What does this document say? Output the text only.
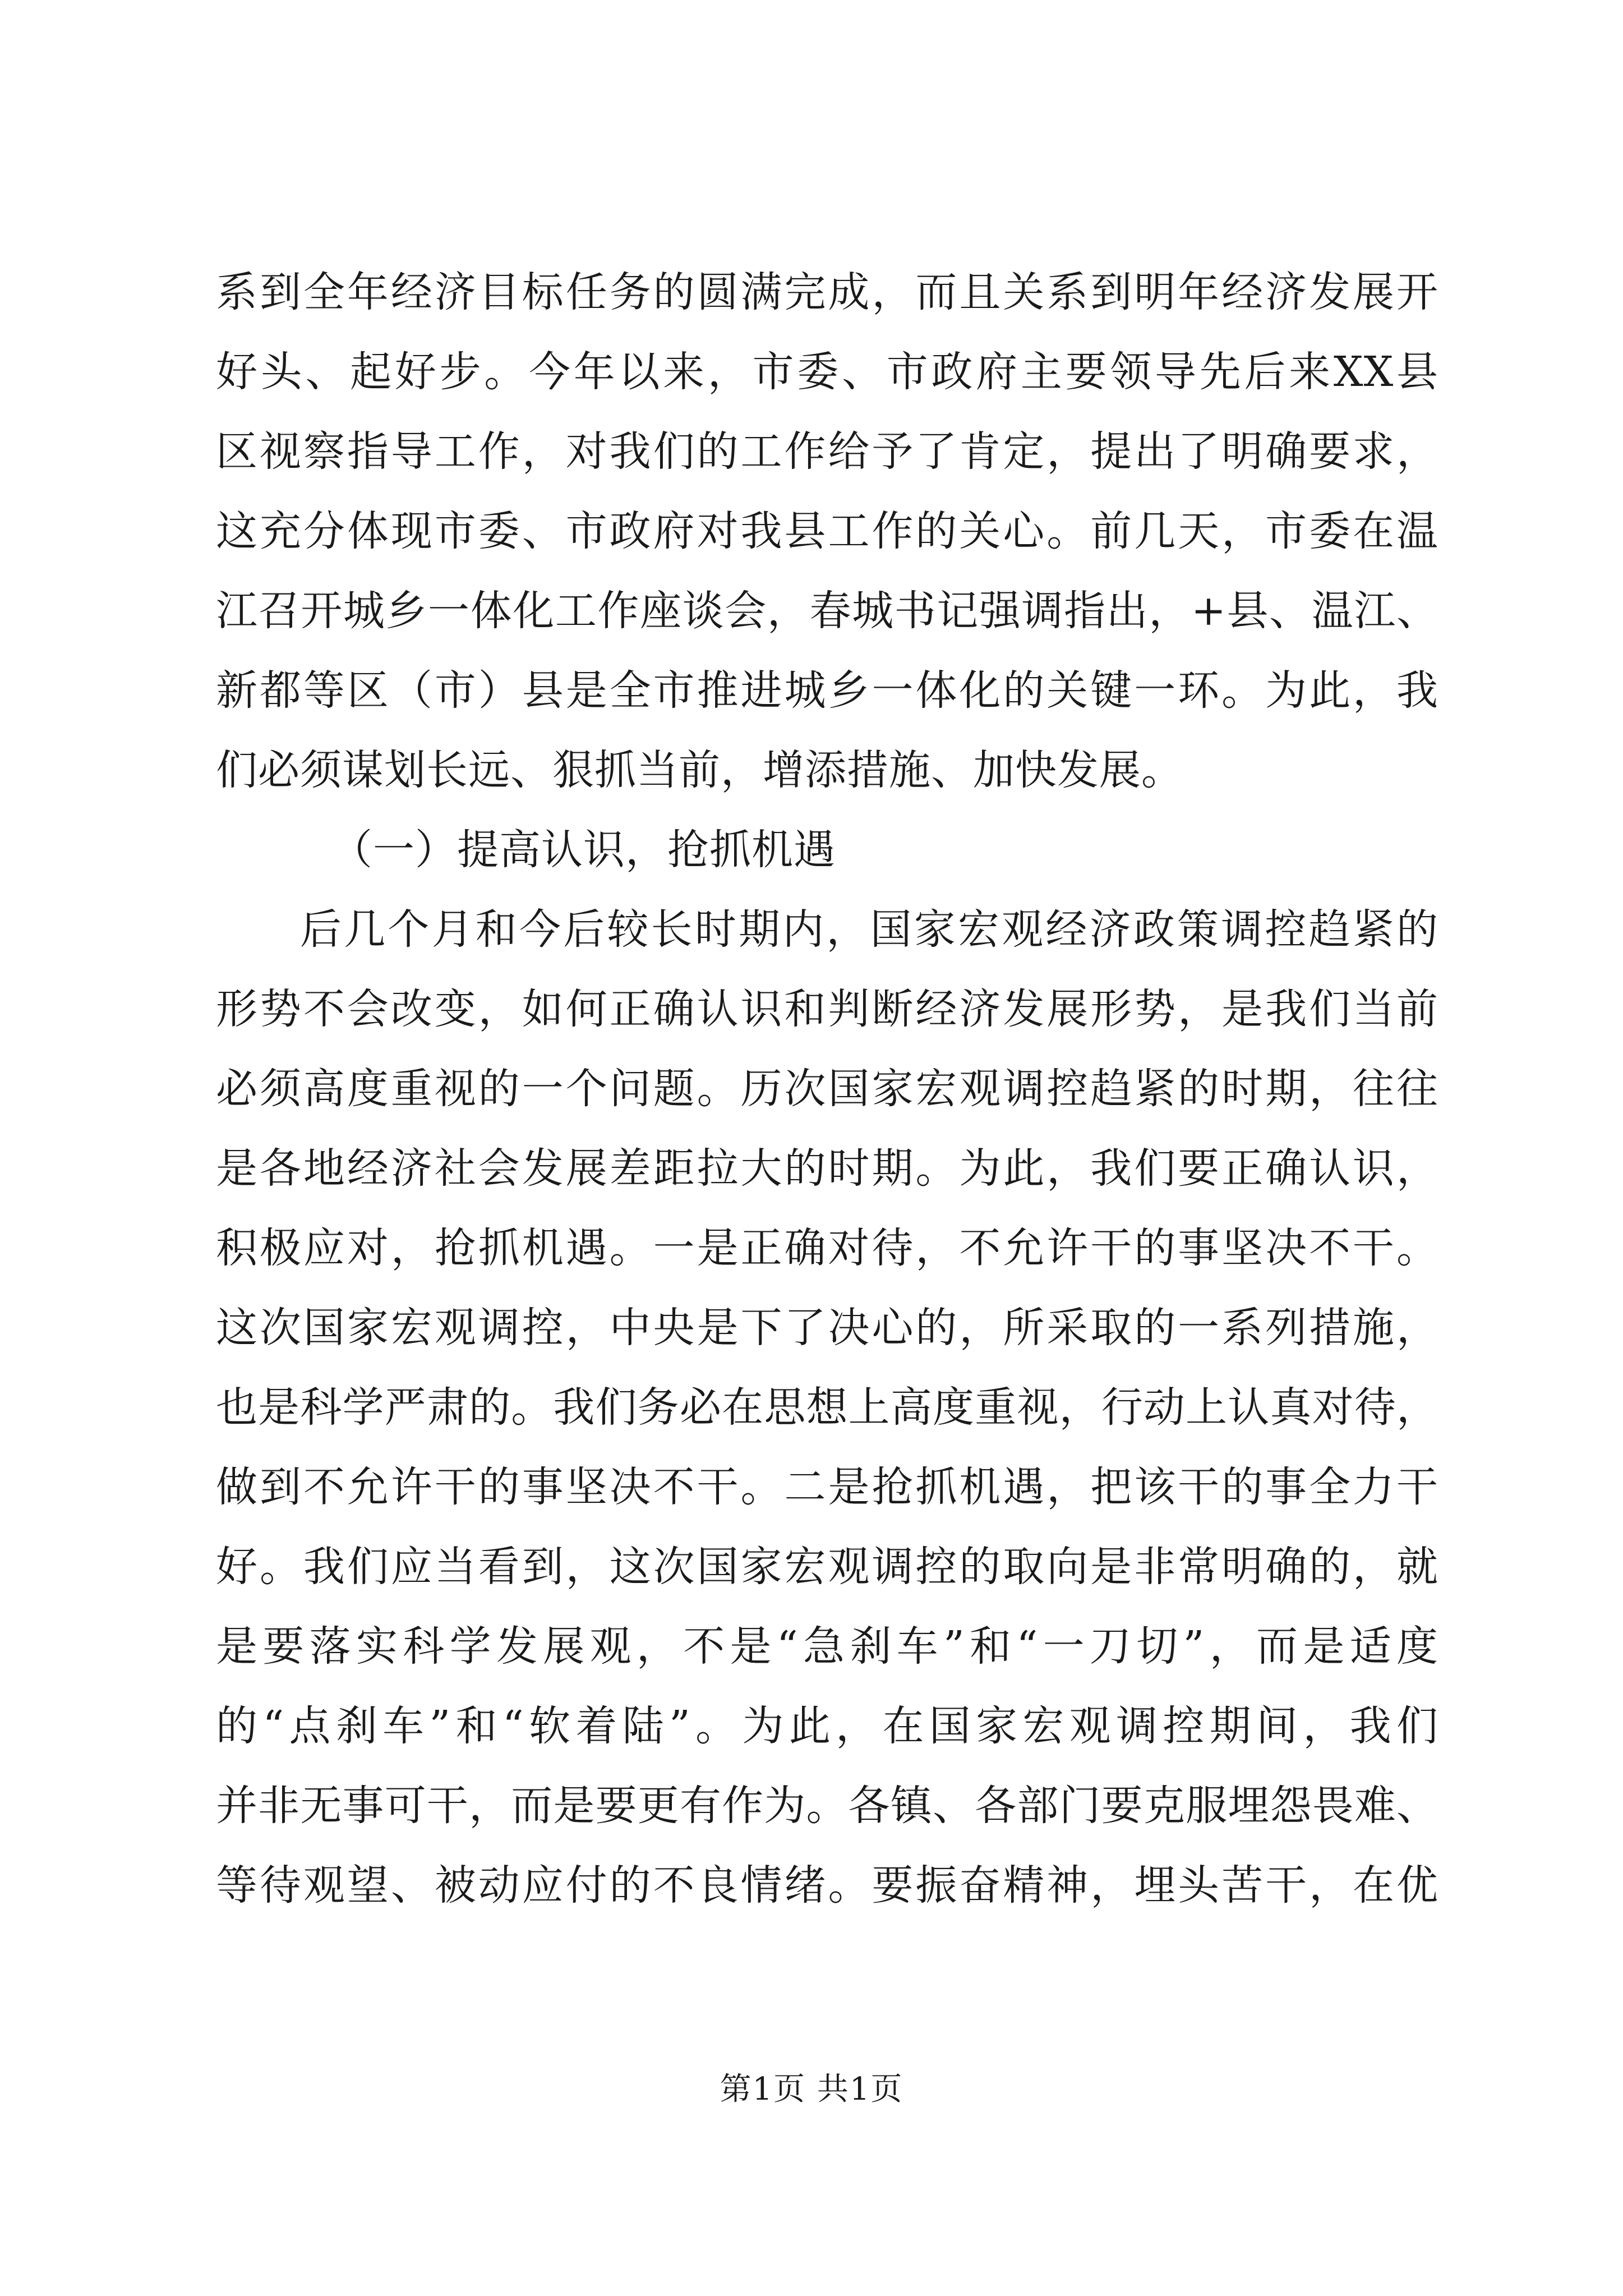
系到全年经济目标任务的圆满完成，而且关系到明年经济发展开
好头、起好步。今年以来，市委、市政府主要领导先后来XX县
区视察指导工作，对我们的工作给予了肯定，提出了明确要求，
这充分体现市委、市政府对我县工作的关心。前几天，市委在温
江召开城乡一体化工作座谈会，春城书记强调指出，+县、温江、
新都等区（市）县是全市推进城乡一体化的关键一环。为此，我
们必须谋划长远、狠抓当前，增添措施、加快发展。
（一）提高认识，抢抓机遇
后几个月和今后较长时期内，国家宏观经济政策调控趋紧的
形势不会改变，如何正确认识和判断经济发展形势，是我们当前
必须高度重视的一个问题。历次国家宏观调控趋紧的时期，往往
是各地经济社会发展差距拉大的时期。为此，我们要正确认识，
积极应对，抢抓机遇。一是正确对待，不允许干的事坚决不干。
这次国家宏观调控，中央是下了决心的，所采取的一系列措施，
也是科学严肃的。我们务必在思想上高度重视，行动上认真对待，
做到不允许干的事坚决不干。二是抢抓机遇，把该干的事全力干
好。我们应当看到，这次国家宏观调控的取向是非常明确的，就
是要落实科学发展观，不是“急刹车”和“一刀切”，而是适度
的“点刹车”和“软着陆”。为此，在国家宏观调控期间，我们
并非无事可干，而是要更有作为。各镇、各部门要克服埋怨畏难、
等待观望、被动应付的不良情绪。要振奋精神，埋头苦干，在优
第1页 共1页
